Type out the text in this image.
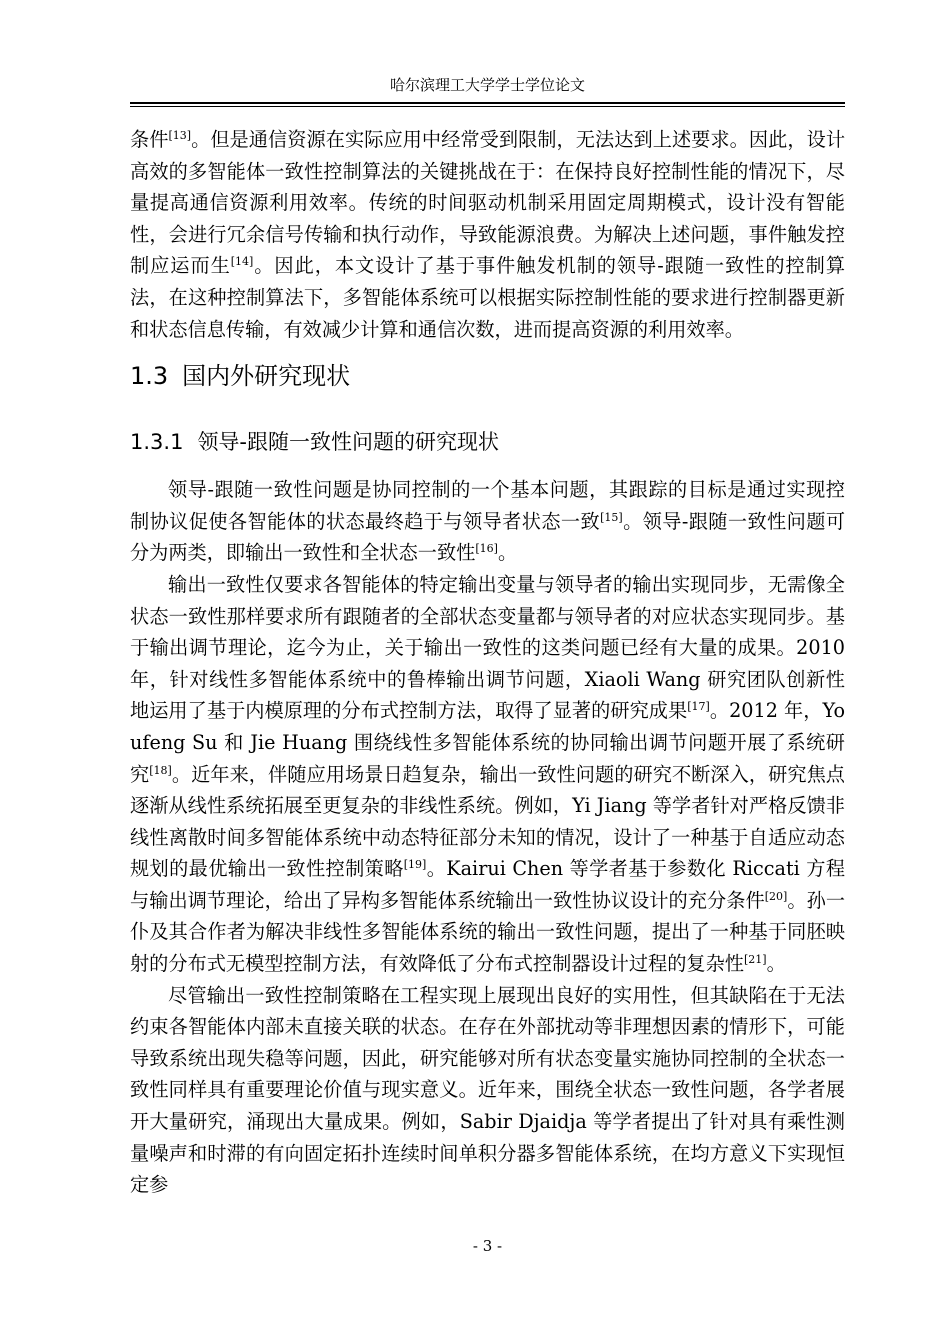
哈尔滨理工大学学士学位论文

条件[13]。但是通信资源在实际应用中经常受到限制，无法达到上述要求。因此，设计高效的多智能体一致性控制算法的关键挑战在于：在保持良好控制性能的情况下，尽量提高通信资源利用效率。传统的时间驱动机制采用固定周期模式，设计没有智能性，会进行冗余信号传输和执行动作，导致能源浪费。为解决上述问题，事件触发控制应运而生[14]。因此，本文设计了基于事件触发机制的领导-跟随一致性的控制算法，在这种控制算法下，多智能体系统可以根据实际控制性能的要求进行控制器更新和状态信息传输，有效减少计算和通信次数，进而提高资源的利用效率。

1.3 国内外研究现状
1.3.1 领导-跟随一致性问题的研究现状

领导-跟随一致性问题是协同控制的一个基本问题，其跟踪的目标是通过实现控制协议促使各智能体的状态最终趋于与领导者状态一致[15]。领导-跟随一致性问题可分为两类，即输出一致性和全状态一致性[16]。

输出一致性仅要求各智能体的特定输出变量与领导者的输出实现同步，无需像全状态一致性那样要求所有跟随者的全部状态变量都与领导者的对应状态实现同步。基于输出调节理论，迄今为止，关于输出一致性的这类问题已经有大量的成果。2010 年，针对线性多智能体系统中的鲁棒输出调节问题，Xiaoli Wang 研究团队创新性地运用了基于内模原理的分布式控制方法，取得了显著的研究成果[17]。2012 年，Youfeng Su 和 Jie Huang 围绕线性多智能体系统的协同输出调节问题开展了系统研究[18]。近年来，伴随应用场景日趋复杂，输出一致性问题的研究不断深入，研究焦点逐渐从线性系统拓展至更复杂的非线性系统。例如，Yi Jiang 等学者针对严格反馈非线性离散时间多智能体系统中动态特征部分未知的情况，设计了一种基于自适应动态规划的最优输出一致性控制策略[19]。Kairui Chen 等学者基于参数化 Riccati 方程与输出调节理论，给出了异构多智能体系统输出一致性协议设计的充分条件[20]。孙一仆及其合作者为解决非线性多智能体系统的输出一致性问题，提出了一种基于同胚映射的分布式无模型控制方法，有效降低了分布式控制器设计过程的复杂性[21]。

尽管输出一致性控制策略在工程实现上展现出良好的实用性，但其缺陷在于无法约束各智能体内部未直接关联的状态。在存在外部扰动等非理想因素的情形下，可能导致系统出现失稳等问题，因此，研究能够对所有状态变量实施协同控制的全状态一致性同样具有重要理论价值与现实意义。近年来，围绕全状态一致性问题，各学者展开大量研究，涌现出大量成果。例如，Sabir Djaidja 等学者提出了针对具有乘性测量噪声和时滞的有向固定拓扑连续时间单积分器多智能体系统，在均方意义下实现恒定参

- 3 -
